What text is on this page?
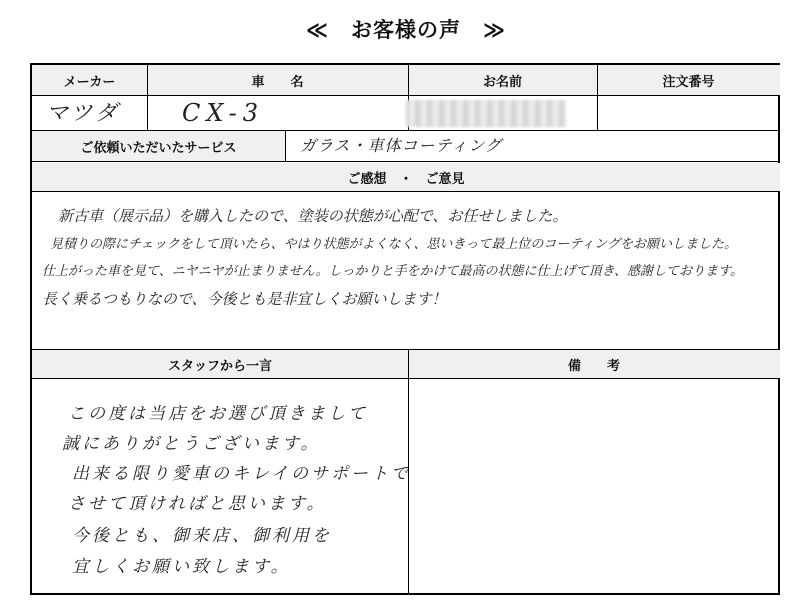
≪　お客様の声　≫
メーカー	車　　名	お名前	注文番号
マツダ	CX-3
ご依頼いただいたサービス	ガラス・車体コーティング
ご感想　・　ご意見
新古車（展示品）を購入したので、塗装の状態が心配で、お任せしました。
見積りの際にチェックをして頂いたら、やはり状態がよくなく、思いきって最上位のコーティングをお願いしました。
仕上がった車を見て、ニヤニヤが止まりません。しっかりと手をかけて最高の状態に仕上げて頂き、感謝しております。
長く乗るつもりなので、今後とも是非宜しくお願いします！
スタッフから一言	備　　考
この度は当店をお選び頂きまして
誠にありがとうございます。
出来る限り愛車のキレイのサポートで
させて頂ければと思います。
今後とも、御来店、御利用を
宜しくお願い致します。
